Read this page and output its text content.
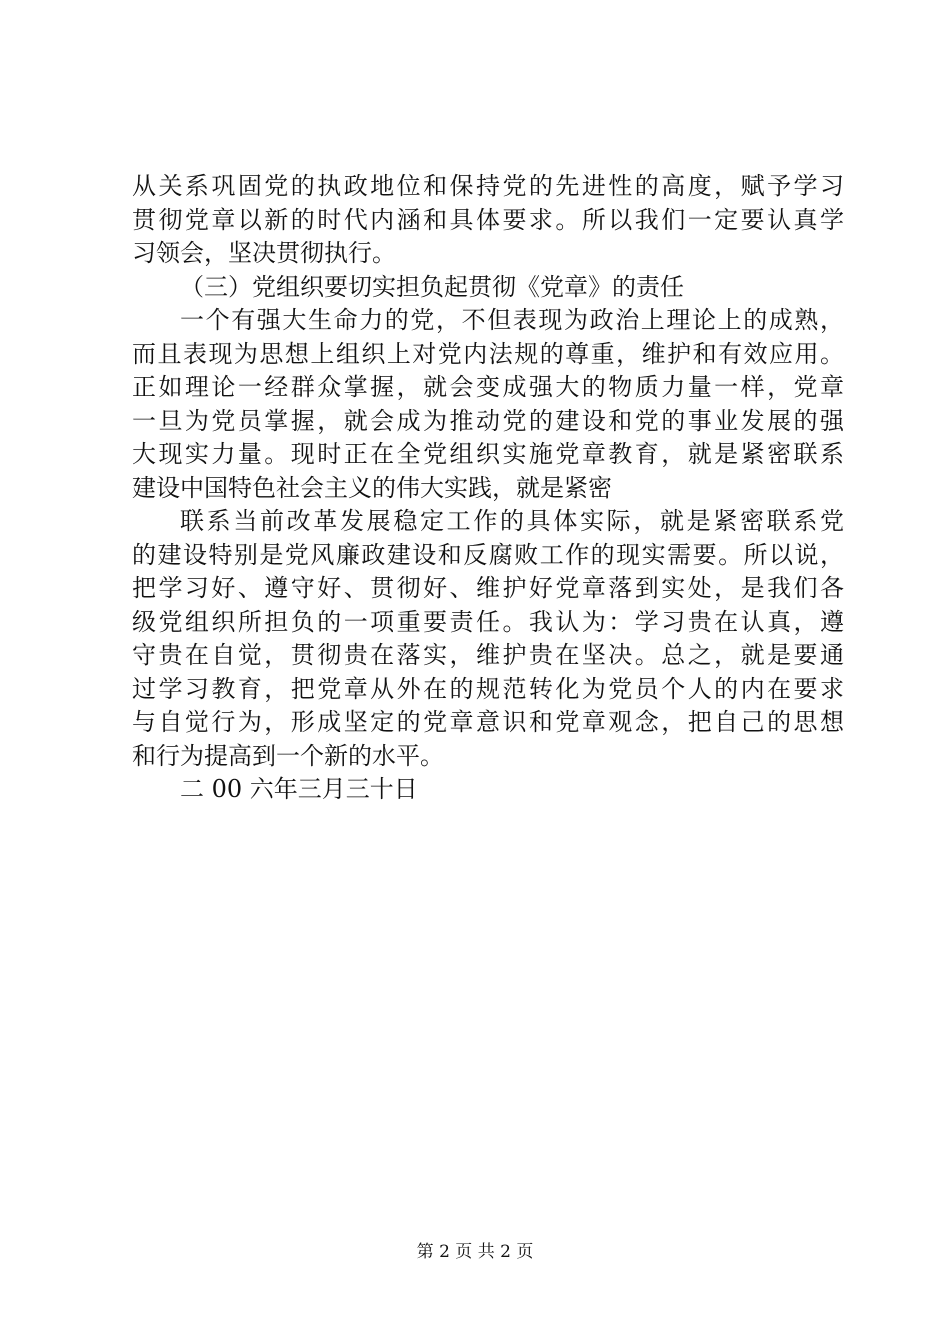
从关系巩固党的执政地位和保持党的先进性的高度，赋予学习
贯彻党章以新的时代内涵和具体要求。所以我们一定要认真学
习领会，坚决贯彻执行。
（三）党组织要切实担负起贯彻《党章》的责任
一个有强大生命力的党，不但表现为政治上理论上的成熟，
而且表现为思想上组织上对党内法规的尊重，维护和有效应用。
正如理论一经群众掌握，就会变成强大的物质力量一样，党章
一旦为党员掌握，就会成为推动党的建设和党的事业发展的强
大现实力量。现时正在全党组织实施党章教育，就是紧密联系
建设中国特色社会主义的伟大实践，就是紧密
联系当前改革发展稳定工作的具体实际，就是紧密联系党
的建设特别是党风廉政建设和反腐败工作的现实需要。所以说，
把学习好、遵守好、贯彻好、维护好党章落到实处，是我们各
级党组织所担负的一项重要责任。我认为：学习贵在认真，遵
守贵在自觉，贯彻贵在落实，维护贵在坚决。总之，就是要通
过学习教育，把党章从外在的规范转化为党员个人的内在要求
与自觉行为，形成坚定的党章意识和党章观念，把自己的思想
和行为提高到一个新的水平。
二 00 六年三月三十日
第 2 页 共 2 页
